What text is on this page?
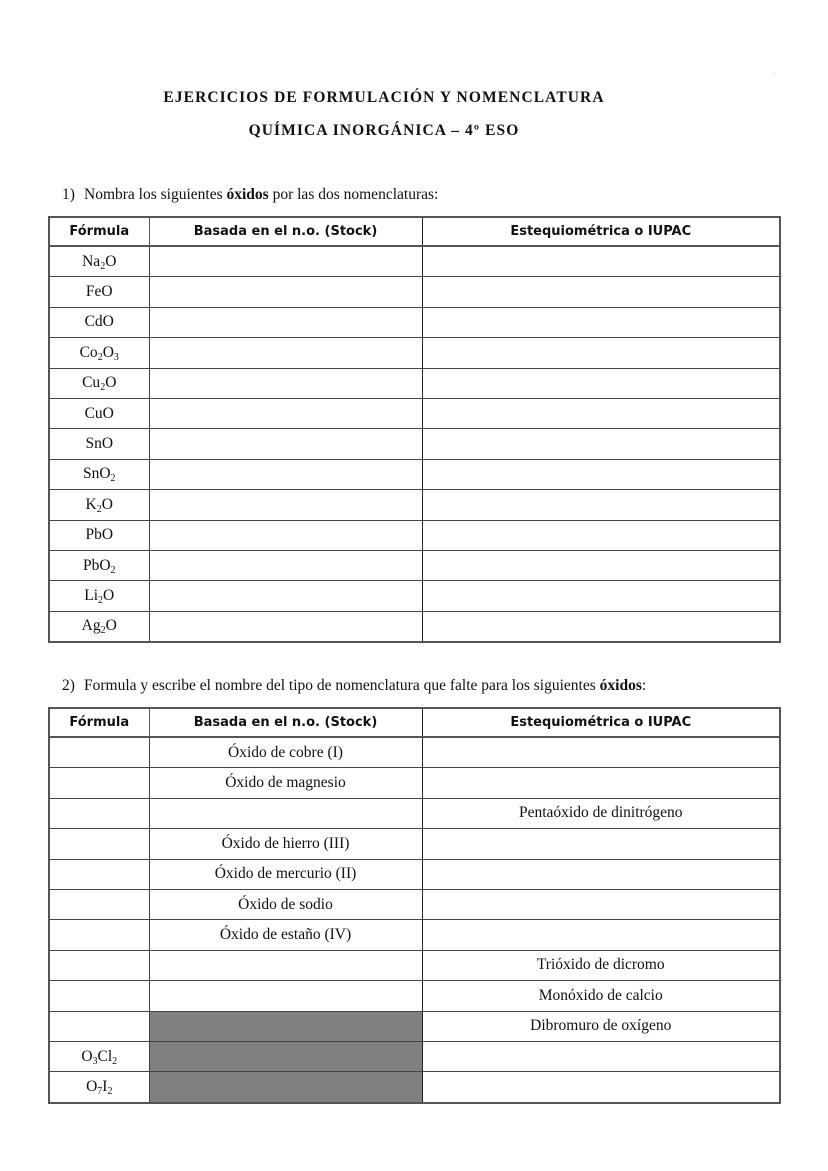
EJERCICIOS DE FORMULACIÓN Y NOMENCLATURA
QUÍMICA INORGÁNICA – 4º ESO
1) Nombra los siguientes óxidos por las dos nomenclaturas:
Fórmula	Basada en el n.o. (Stock)	Estequiométrica o IUPAC
$Na_2O$		
FeO		
CdO		
$Co_2O_3$		
$Cu_2O$		
CuO		
SnO		
SnO$_2$		
$K_2O$		
PbO		
PbO$_2$		
$Li_2O$		
$Ag_2O$		
2) Formula y escribe el nombre del tipo de nomenclatura que falte para los siguientes óxidos:
Fórmula	Basada en el n.o. (Stock)	Estequiométrica o IUPAC
	Óxido de cobre (I)	
	Óxido de magnesio	
		Pentaóxido de dinitrógeno
	Óxido de hierro (III)	
	Óxido de mercurio (II)	
	Óxido de sodio	
	Óxido de estaño (IV)	
		Trióxido de dicromo
		Monóxido de calcio
		Dibromuro de oxígeno
$O_3Cl_2$		
$O_7I_2$		
